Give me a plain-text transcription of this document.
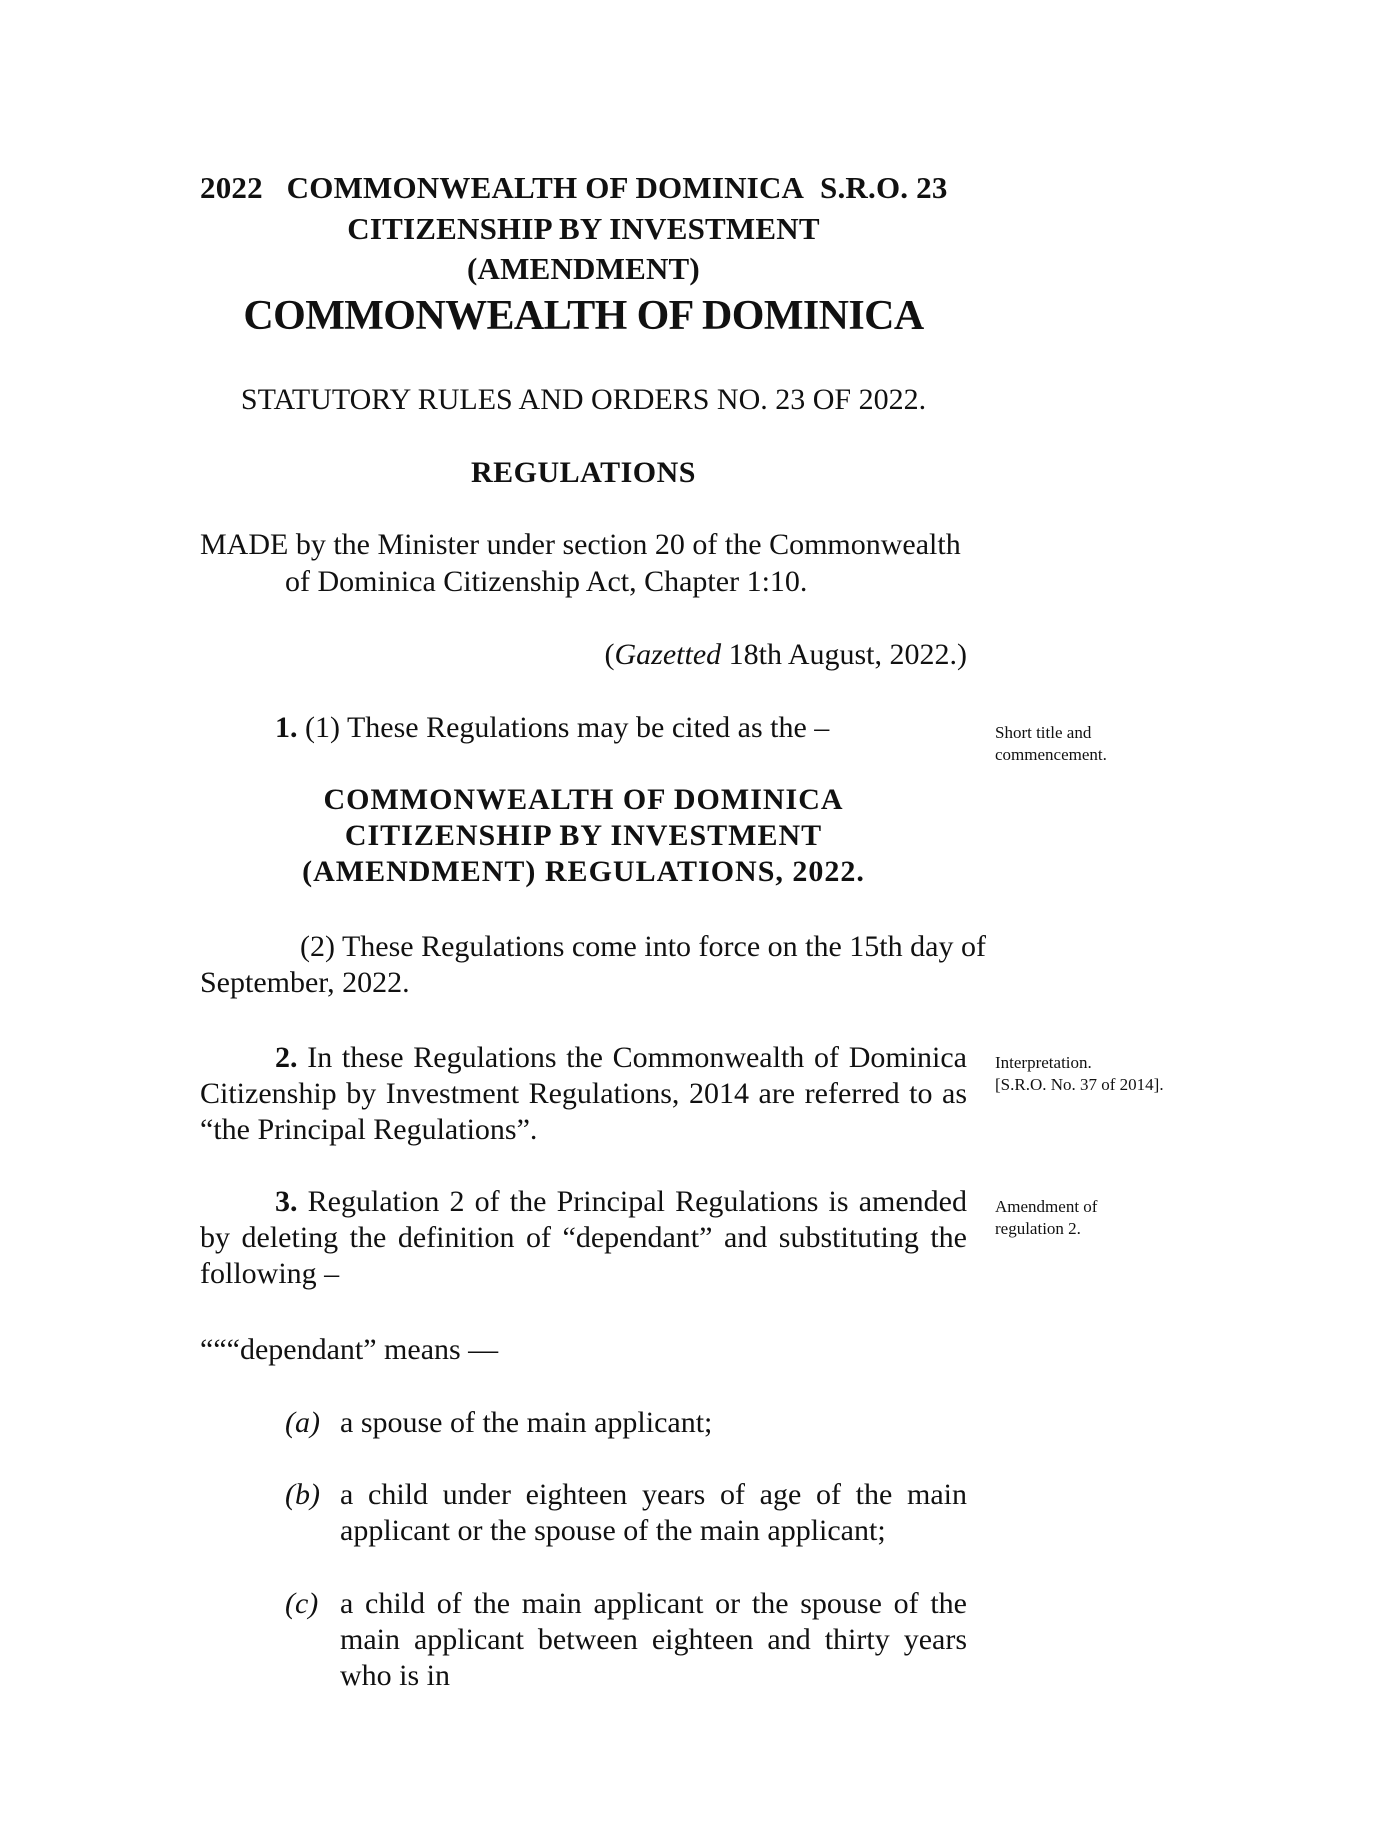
2022 COMMONWEALTH OF DOMINICA S.R.O. 23
CITIZENSHIP BY INVESTMENT
(AMENDMENT)
COMMONWEALTH OF DOMINICA
STATUTORY RULES AND ORDERS NO. 23 OF 2022.
REGULATIONS
MADE by the Minister under section 20 of the Commonwealth
of Dominica Citizenship Act, Chapter 1:10.
(Gazetted 18th August, 2022.)
1. (1) These Regulations may be cited as the –	Short title and
commencement.
COMMONWEALTH OF DOMINICA
CITIZENSHIP BY INVESTMENT
(AMENDMENT) REGULATIONS, 2022.
(2) These Regulations come into force on the 15th day of
September, 2022.
2. In these Regulations the Commonwealth of Dominica Citizenship by Investment Regulations, 2014 are referred to as “the Principal Regulations”.
Interpretation.
[S.R.O. No. 37 of 2014].
3. Regulation 2 of the Principal Regulations is amended by deleting the definition of “dependant” and substituting the following –
Amendment of
regulation 2.
“““dependant” means —
(a) a spouse of the main applicant;
(b) a child under eighteen years of age of the main applicant or the spouse of the main applicant;
(c) a child of the main applicant or the spouse of the main applicant between eighteen and thirty years who is in
